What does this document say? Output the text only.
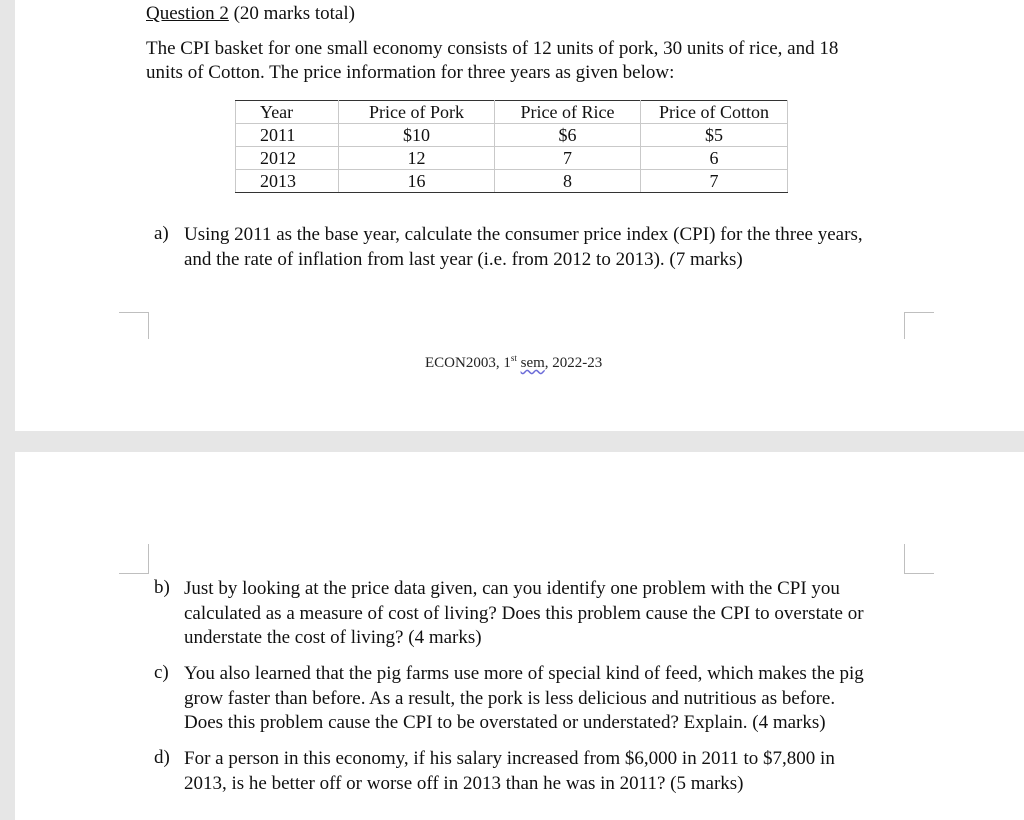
Question 2 (20 marks total)
The CPI basket for one small economy consists of 12 units of pork, 30 units of rice, and 18
units of Cotton. The price information for three years as given below:
Year	Price of Pork	Price of Rice	Price of Cotton
2011	$10	$6	$5
2012	12	7	6
2013	16	8	7
a) Using 2011 as the base year, calculate the consumer price index (CPI) for the three years,
and the rate of inflation from last year (i.e. from 2012 to 2013). (7 marks)
ECON2003, 1st sem, 2022-23
b) Just by looking at the price data given, can you identify one problem with the CPI you
calculated as a measure of cost of living? Does this problem cause the CPI to overstate or
understate the cost of living? (4 marks)
c) You also learned that the pig farms use more of special kind of feed, which makes the pig
grow faster than before. As a result, the pork is less delicious and nutritious as before.
Does this problem cause the CPI to be overstated or understated? Explain. (4 marks)
d) For a person in this economy, if his salary increased from $6,000 in 2011 to $7,800 in
2013, is he better off or worse off in 2013 than he was in 2011? (5 marks)
